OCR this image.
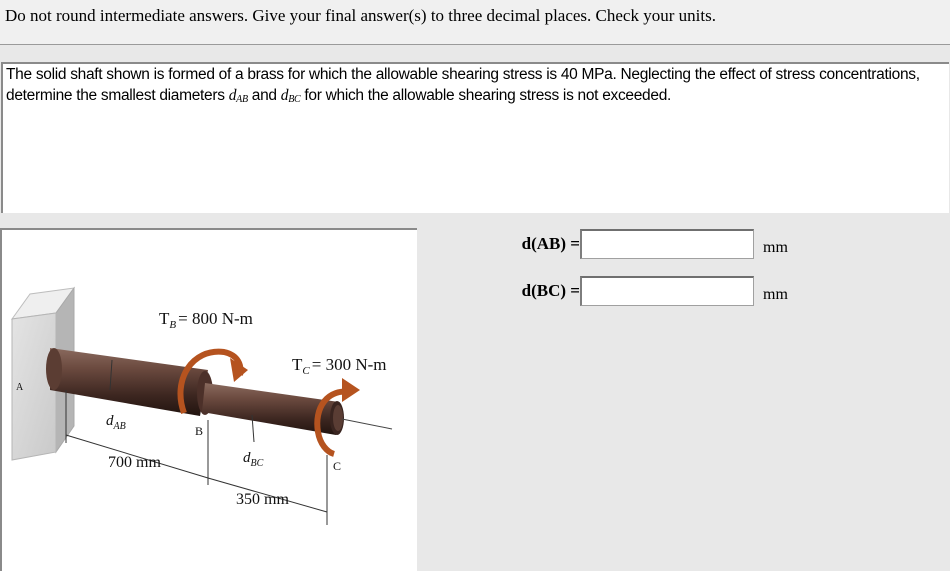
Do not round intermediate answers. Give your final answer(s) to three decimal places. Check your units.
The solid shaft shown is formed of a brass for which the allowable shearing stress is 40 MPa. Neglecting the effect of stress concentrations, determine the smallest diameters $d_{AB}$ and $d_{BC}$ for which the allowable shearing stress is not exceeded.
$T_B = 800$ N-m
$T_C = 300$ N-m
A
B
C
$d_{AB}$
$d_{BC}$
700 mm
350 mm
d(AB) =	mm
d(BC) =	mm
